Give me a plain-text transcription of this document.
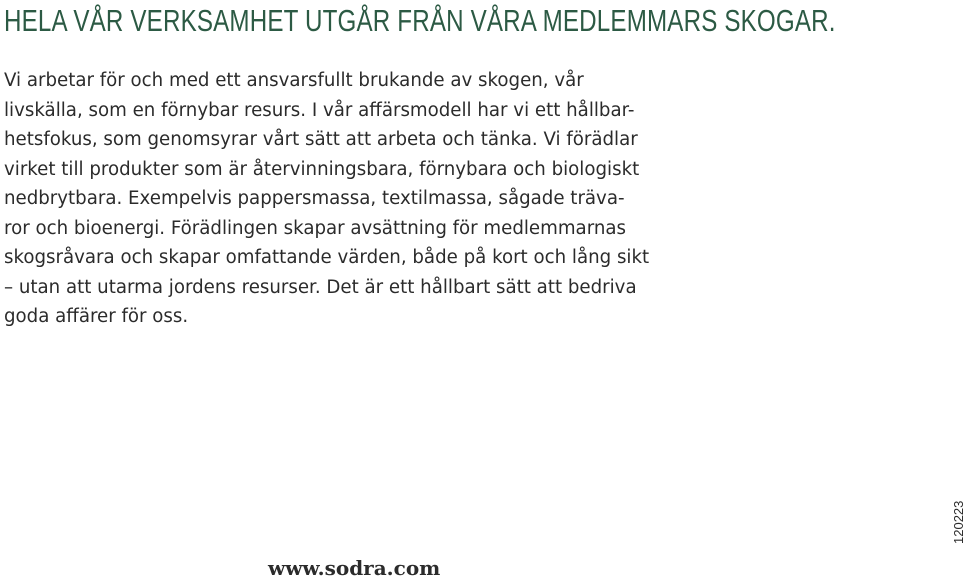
HELA VÅR VERKSAMHET UTGÅR FRÅN VÅRA MEDLEMMARS SKOGAR.
Vi arbetar för och med ett ansvarsfullt brukande av skogen, vår
livskälla, som en förnybar resurs. I vår affärsmodell har vi ett hållbar-
hetsfokus, som genomsyrar vårt sätt att arbeta och tänka. Vi förädlar
virket till produkter som är återvinningsbara, förnybara och biologiskt
nedbrytbara. Exempelvis pappersmassa, textilmassa, sågade träva-
ror och bioenergi. Förädlingen skapar avsättning för medlemmarnas
skogsråvara och skapar omfattande värden, både på kort och lång sikt
– utan att utarma jordens resurser. Det är ett hållbart sätt att bedriva
goda affärer för oss.
www.sodra.com
120223
